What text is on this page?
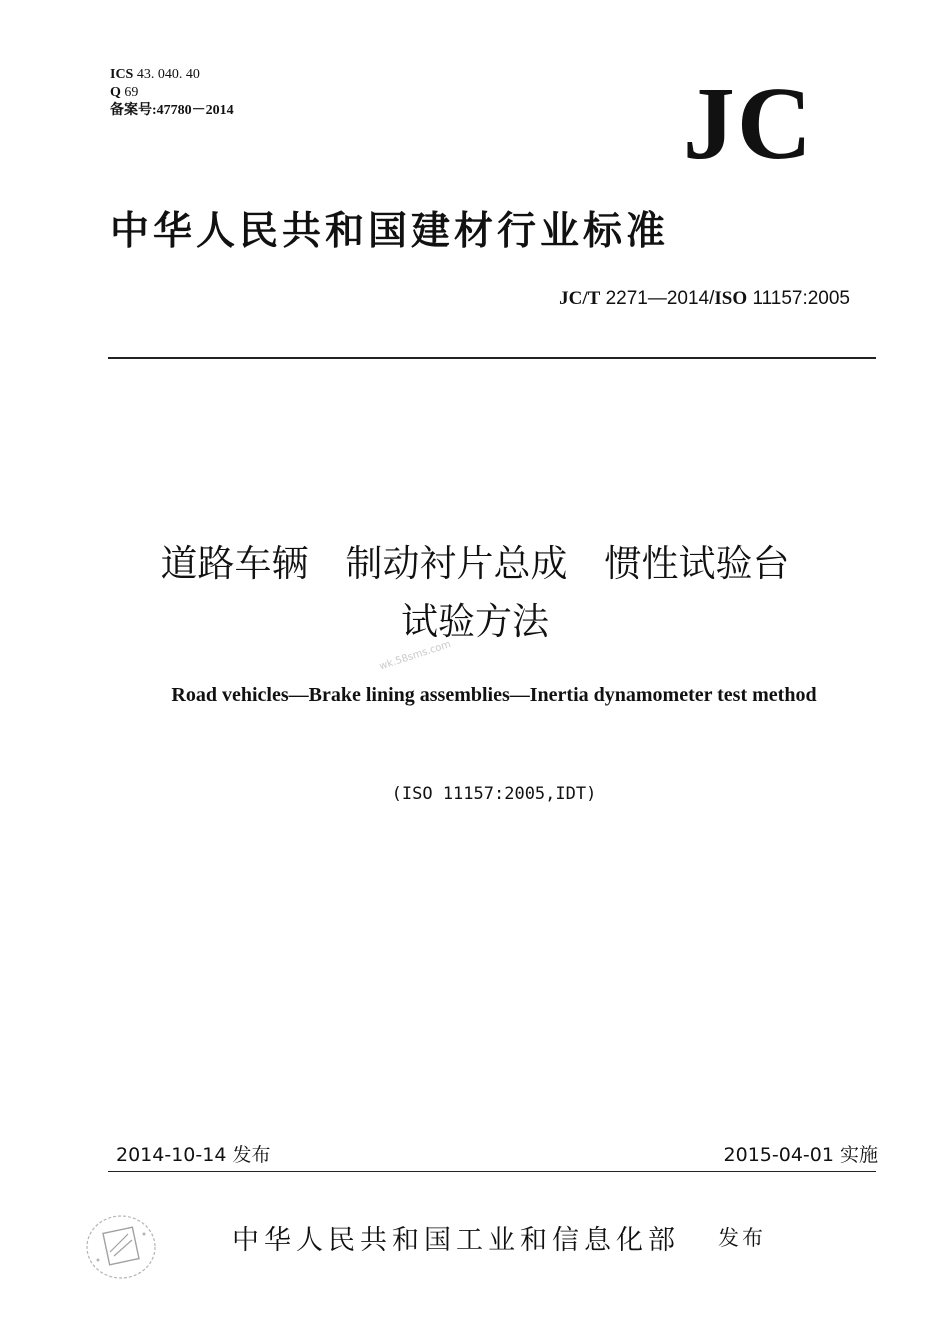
ICS 43. 040. 40
Q 69
备案号:47780－2014	JC
中华人民共和国建材行业标准
JC/T 2271—2014/ISO 11157:2005
道路车辆　制动衬片总成　惯性试验台
试验方法
wk.58sms.com
Road vehicles—Brake lining assemblies—Inertia dynamometer test method
(ISO 11157:2005,IDT)
2014-10-14 发布	2015-04-01 实施
中华人民共和国工业和信息化部 发布
